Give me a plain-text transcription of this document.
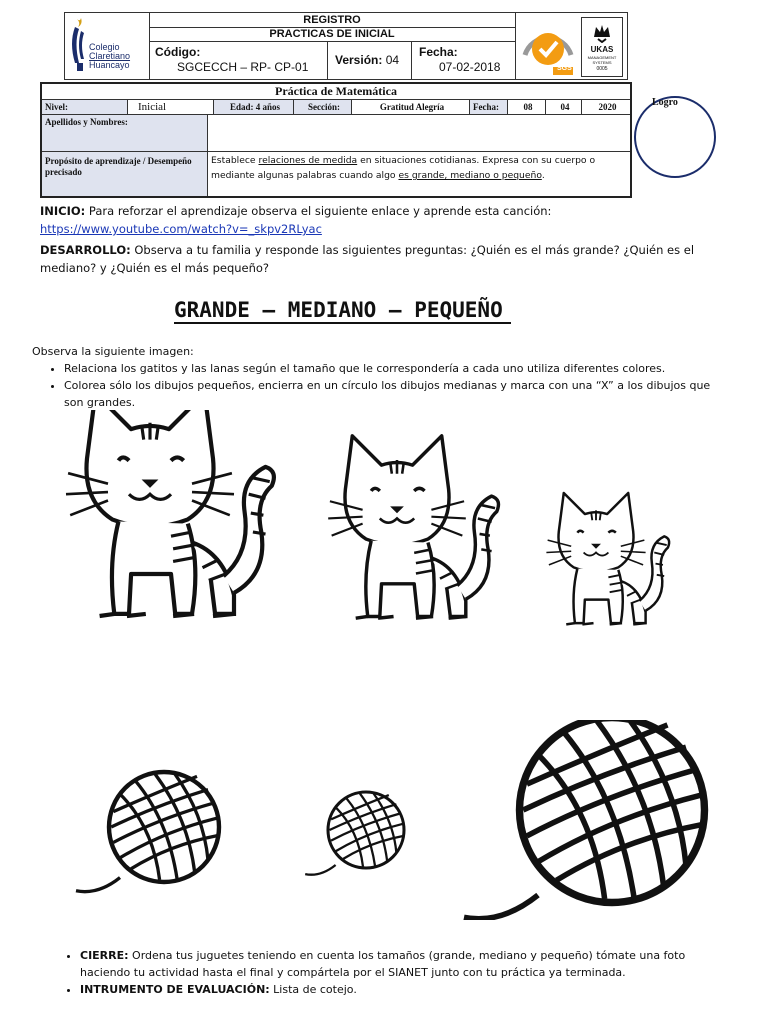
Colegio
Claretiano
Huancayo
REGISTRO
PRACTICAS DE INICIAL
Código:
SGCECCH – RP- CP-01 Versión: 04
Fecha:
07-02-2018	SGS
UKAS
MANAGEMENT SYSTEMS
0005
Práctica de Matemática
Nivel:	Inicial	Edad: 4 años	Sección:	Gratitud Alegría	Fecha:	08	04	2020
Apellidos y Nombres:
Propósito de aprendizaje / Desempeño precisado
Establece relaciones de medida en situaciones cotidianas. Expresa con su cuerpo o mediante algunas palabras cuando algo es grande, mediano o pequeño.
Logro
INICIO: Para reforzar el aprendizaje observa el siguiente enlace y aprende esta canción:
https://www.youtube.com/watch?v=_skpv2RLyac
DESARROLLO: Observa a tu familia y responde las siguientes preguntas: ¿Quién es el más grande? ¿Quién es el mediano? y ¿Quién es el más pequeño?
GRANDE – MEDIANO – PEQUEÑO
Observa la siguiente imagen:
• Relaciona los gatitos y las lanas según el tamaño que le correspondería a cada uno utiliza diferentes colores.
• Colorea sólo los dibujos pequeños, encierra en un círculo los dibujos medianas y marca con una “X” a los dibujos que son grandes.
• CIERRE: Ordena tus juguetes teniendo en cuenta los tamaños (grande, mediano y pequeño) tómate una foto haciendo tu actividad hasta el final y compártela por el SIANET junto con tu práctica ya terminada.
• INTRUMENTO DE EVALUACIÓN: Lista de cotejo.
